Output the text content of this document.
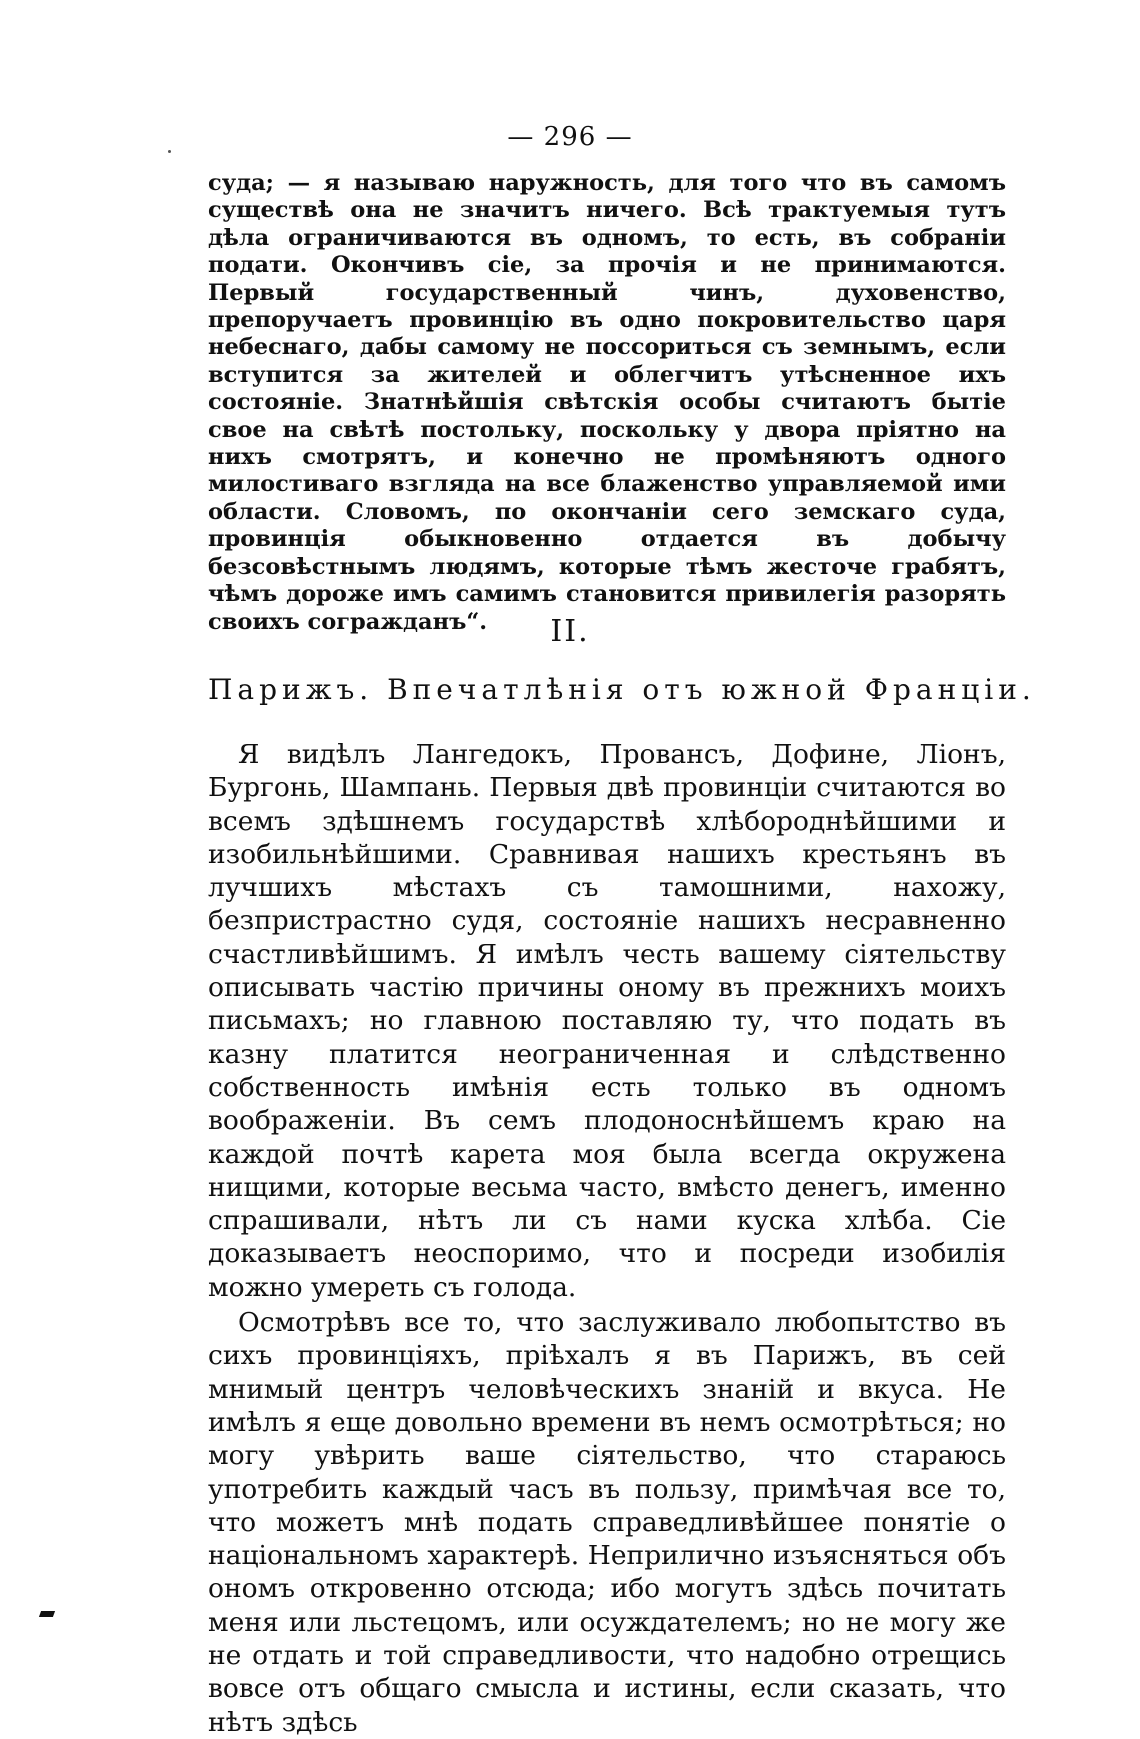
— 296 —

суда; — я называю наружность, для того что въ самомъ существѣ она не значитъ ничего. Всѣ трактуемыя тутъ дѣла ограничиваются въ одномъ, то есть, въ собраніи подати. Окончивъ сіе, за прочія и не принимаются. Первый государственный чинъ, духовенство, препоручаетъ провинцію въ одно покровительство царя небеснаго, дабы самому не поссориться съ земнымъ, если вступится за жителей и облегчитъ утѣсненное ихъ состояніе. Знатнѣйшія свѣтскія особы считаютъ бытіе свое на свѣтѣ постольку, поскольку у двора пріятно на нихъ смотрятъ, и конечно не промѣняютъ одного милостиваго взгляда на все блаженство управляемой ими области. Словомъ, по окончаніи сего земскаго суда, провинція обыкновенно отдается въ добычу безсовѣстнымъ людямъ, которые тѣмъ жесточе грабятъ, чѣмъ дороже имъ самимъ становится привилегія разорять своихъ согражданъ“.	II.
Парижъ. Впечатлѣнія отъ южной Франціи.

Я видѣлъ Лангедокъ, Провансъ, Дофине, Ліонъ, Бургонь, Шампань. Первыя двѣ провинціи считаются во всемъ здѣшнемъ государствѣ хлѣбороднѣйшими и изобильнѣйшими. Сравнивая нашихъ крестьянъ въ лучшихъ мѣстахъ съ тамошними, нахожу, безпристрастно судя, состояніе нашихъ несравненно счастливѣйшимъ. Я имѣлъ честь вашему сіятельству описывать частію причины оному въ прежнихъ моихъ письмахъ; но главною поставляю ту, что подать въ казну платится неограниченная и слѣдственно собственность имѣнія есть только въ одномъ воображеніи. Въ семъ плодоноснѣйшемъ краю на каждой почтѣ карета моя была всегда окружена нищими, которые весьма часто, вмѣсто денегъ, именно спрашивали, нѣтъ ли съ нами куска хлѣба. Сіе доказываетъ неоспоримо, что и посреди изобилія можно умереть съ голода.

Осмотрѣвъ все то, что заслуживало любопытство въ сихъ провинціяхъ, пріѣхалъ я въ Парижъ, въ сей мнимый центръ человѣческихъ знаній и вкуса. Не имѣлъ я еще довольно времени въ немъ осмотрѣться; но могу увѣрить ваше сіятельство, что стараюсь употребить каждый часъ въ пользу, примѣчая все то, что можетъ мнѣ подать справедливѣйшее понятіе о національномъ характерѣ. Неприлично изъясняться объ ономъ откровенно отсюда; ибо могутъ здѣсь почитать меня или льстецомъ, или осуждателемъ; но не могу же не отдать и той справедливости, что надобно отрещись вовсе отъ общаго смысла и истины, если сказать, что нѣтъ здѣсь
